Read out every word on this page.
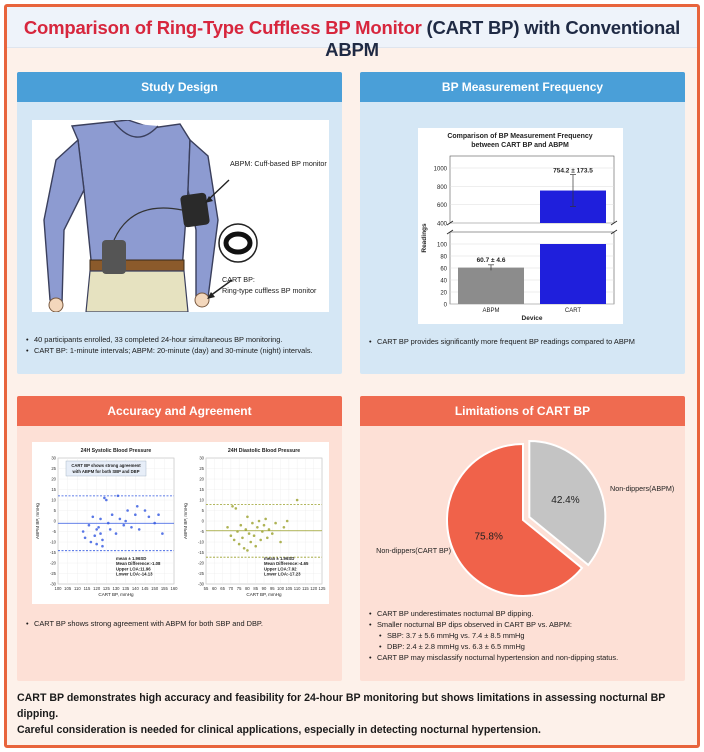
Comparison of Ring-Type Cuffless BP Monitor (CART BP) with Conventional ABPM
Study Design
ABPM: Cuff-based BP monitor
CART BP:
Ring-type cuffless BP monitor
• 40 participants enrolled, 33 completed 24-hour simultaneous BP monitoring.
• CART BP: 1-minute intervals; ABPM: 20-minute (day) and 30-minute (night) intervals.
BP Measurement Frequency
Comparison of BP Measurement Frequency
between CART BP and ABPM
400
600
800
1000
0
20
40
60
80
100
60.7 ± 4.6
ABPM
754.2 ± 173.5
CART
Device
Readings
• CART BP provides significantly more frequent BP readings compared to ABPM
Accuracy and Agreement
24H Systolic Blood Pressure
30
25
20
15
10
5
0
-5
-10
-15
-20
-25
-30
100 105 110 115 120 125 130 135 140 145 150 155 160
CART BP shows strong agreement
with ABPM for both SBP and DBP
mean ± 1.96SD
Mean Difference:-1.08
Upper LOA:11.96
Lower LOA:-14.13
CART BP, mmHg
ABPM BP, mmHg
24H Diastolic Blood Pressure
30
25
20
15
10
5
0
-5
-10
-15
-20
-25
-30
55 60 65 70 75 80 85 90 95 100 105 110 115 120 125
mean ± 1.96SD
Mean Difference:-4.65
Upper LOA:7.92
Lower LOA:-17.23
CART BP, mmHg
ABPM BP, mmHg
• CART BP shows strong agreement with ABPM for both SBP and DBP.
Limitations of CART BP
75.8%
42.4%
Non-dippers(CART BP)
Non-dippers(ABPM)
• CART BP underestimates nocturnal BP dipping.
• Smaller nocturnal BP dips observed in CART BP vs. ABPM:
• SBP: 3.7 ± 5.6 mmHg vs. 7.4 ± 8.5 mmHg
• DBP: 2.4 ± 2.8 mmHg vs. 6.3 ± 6.5 mmHg
• CART BP may misclassify nocturnal hypertension and non-dipping status.
CART BP demonstrates high accuracy and feasibility for 24-hour BP monitoring but shows limitations in assessing nocturnal BP dipping.
Careful consideration is needed for clinical applications, especially in detecting nocturnal hypertension.
